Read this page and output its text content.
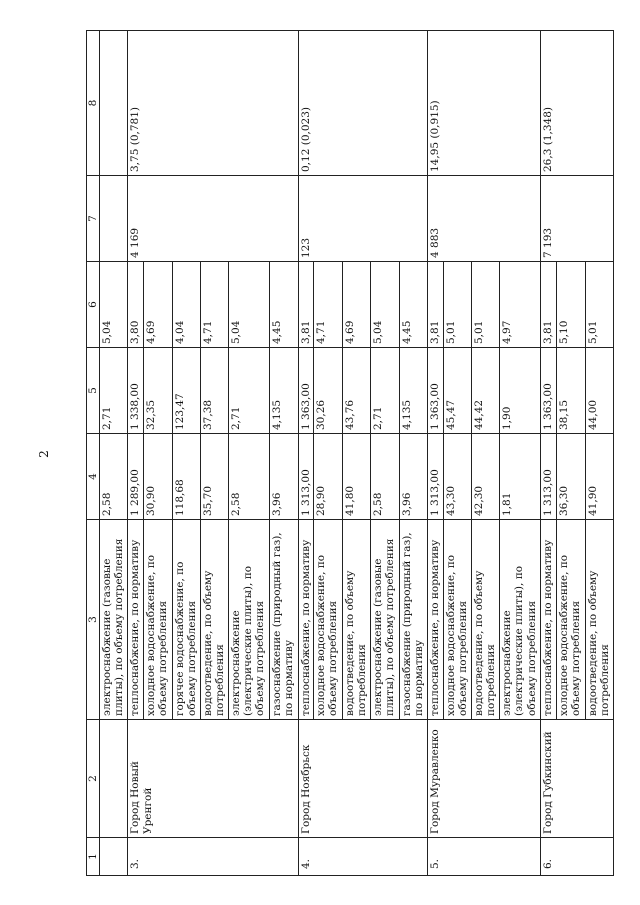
2
1	2	3	4	5	6	7	8
		электроснабжение (газовые плиты), по объему потребления	2,58	2,71	5,04		
3.	Город Новый Уренгой	теплоснабжение, по нормативу	1 289,00	1 338,00	3,80	4 169	3,75 (0,781)
		холодное водоснабжение, по объему потребления	30,90	32,35	4,69		
		горячее водоснабжение, по объему потребления	118,68	123,47	4,04		
		водоотведение, по объему потребления	35,70	37,38	4,71		
		электроснабжение (электрические плиты), по объему потребления	2,58	2,71	5,04		
		газоснабжение (природный газ), по нормативу	3,96	4,135	4,45		
4.	Город Ноябрьск	теплоснабжение, по нормативу	1 313,00	1 363,00	3,81	123	0,12 (0,023)
		холодное водоснабжение, по объему потребления	28,90	30,26	4,71		
		водоотведение, по объему потребления	41,80	43,76	4,69		
		электроснабжение (газовые плиты), по объему потребления	2,58	2,71	5,04		
		газоснабжение (природный газ), по нормативу	3,96	4,135	4,45		
5.	Город Муравленко	теплоснабжение, по нормативу	1 313,00	1 363,00	3,81	4 883	14,95 (0,915)
		холодное водоснабжение, по объему потребления	43,30	45,47	5,01		
		водоотведение, по объему потребления	42,30	44,42	5,01		
		электроснабжение (электрические плиты), по объему потребления	1,81	1,90	4,97		
6.	Город Губкинский	теплоснабжение, по нормативу	1 313,00	1 363,00	3,81	7 193	26,3 (1,348)
		холодное водоснабжение, по объему потребления	36,30	38,15	5,10		
		водоотведение, по объему потребления	41,90	44,00	5,01		
